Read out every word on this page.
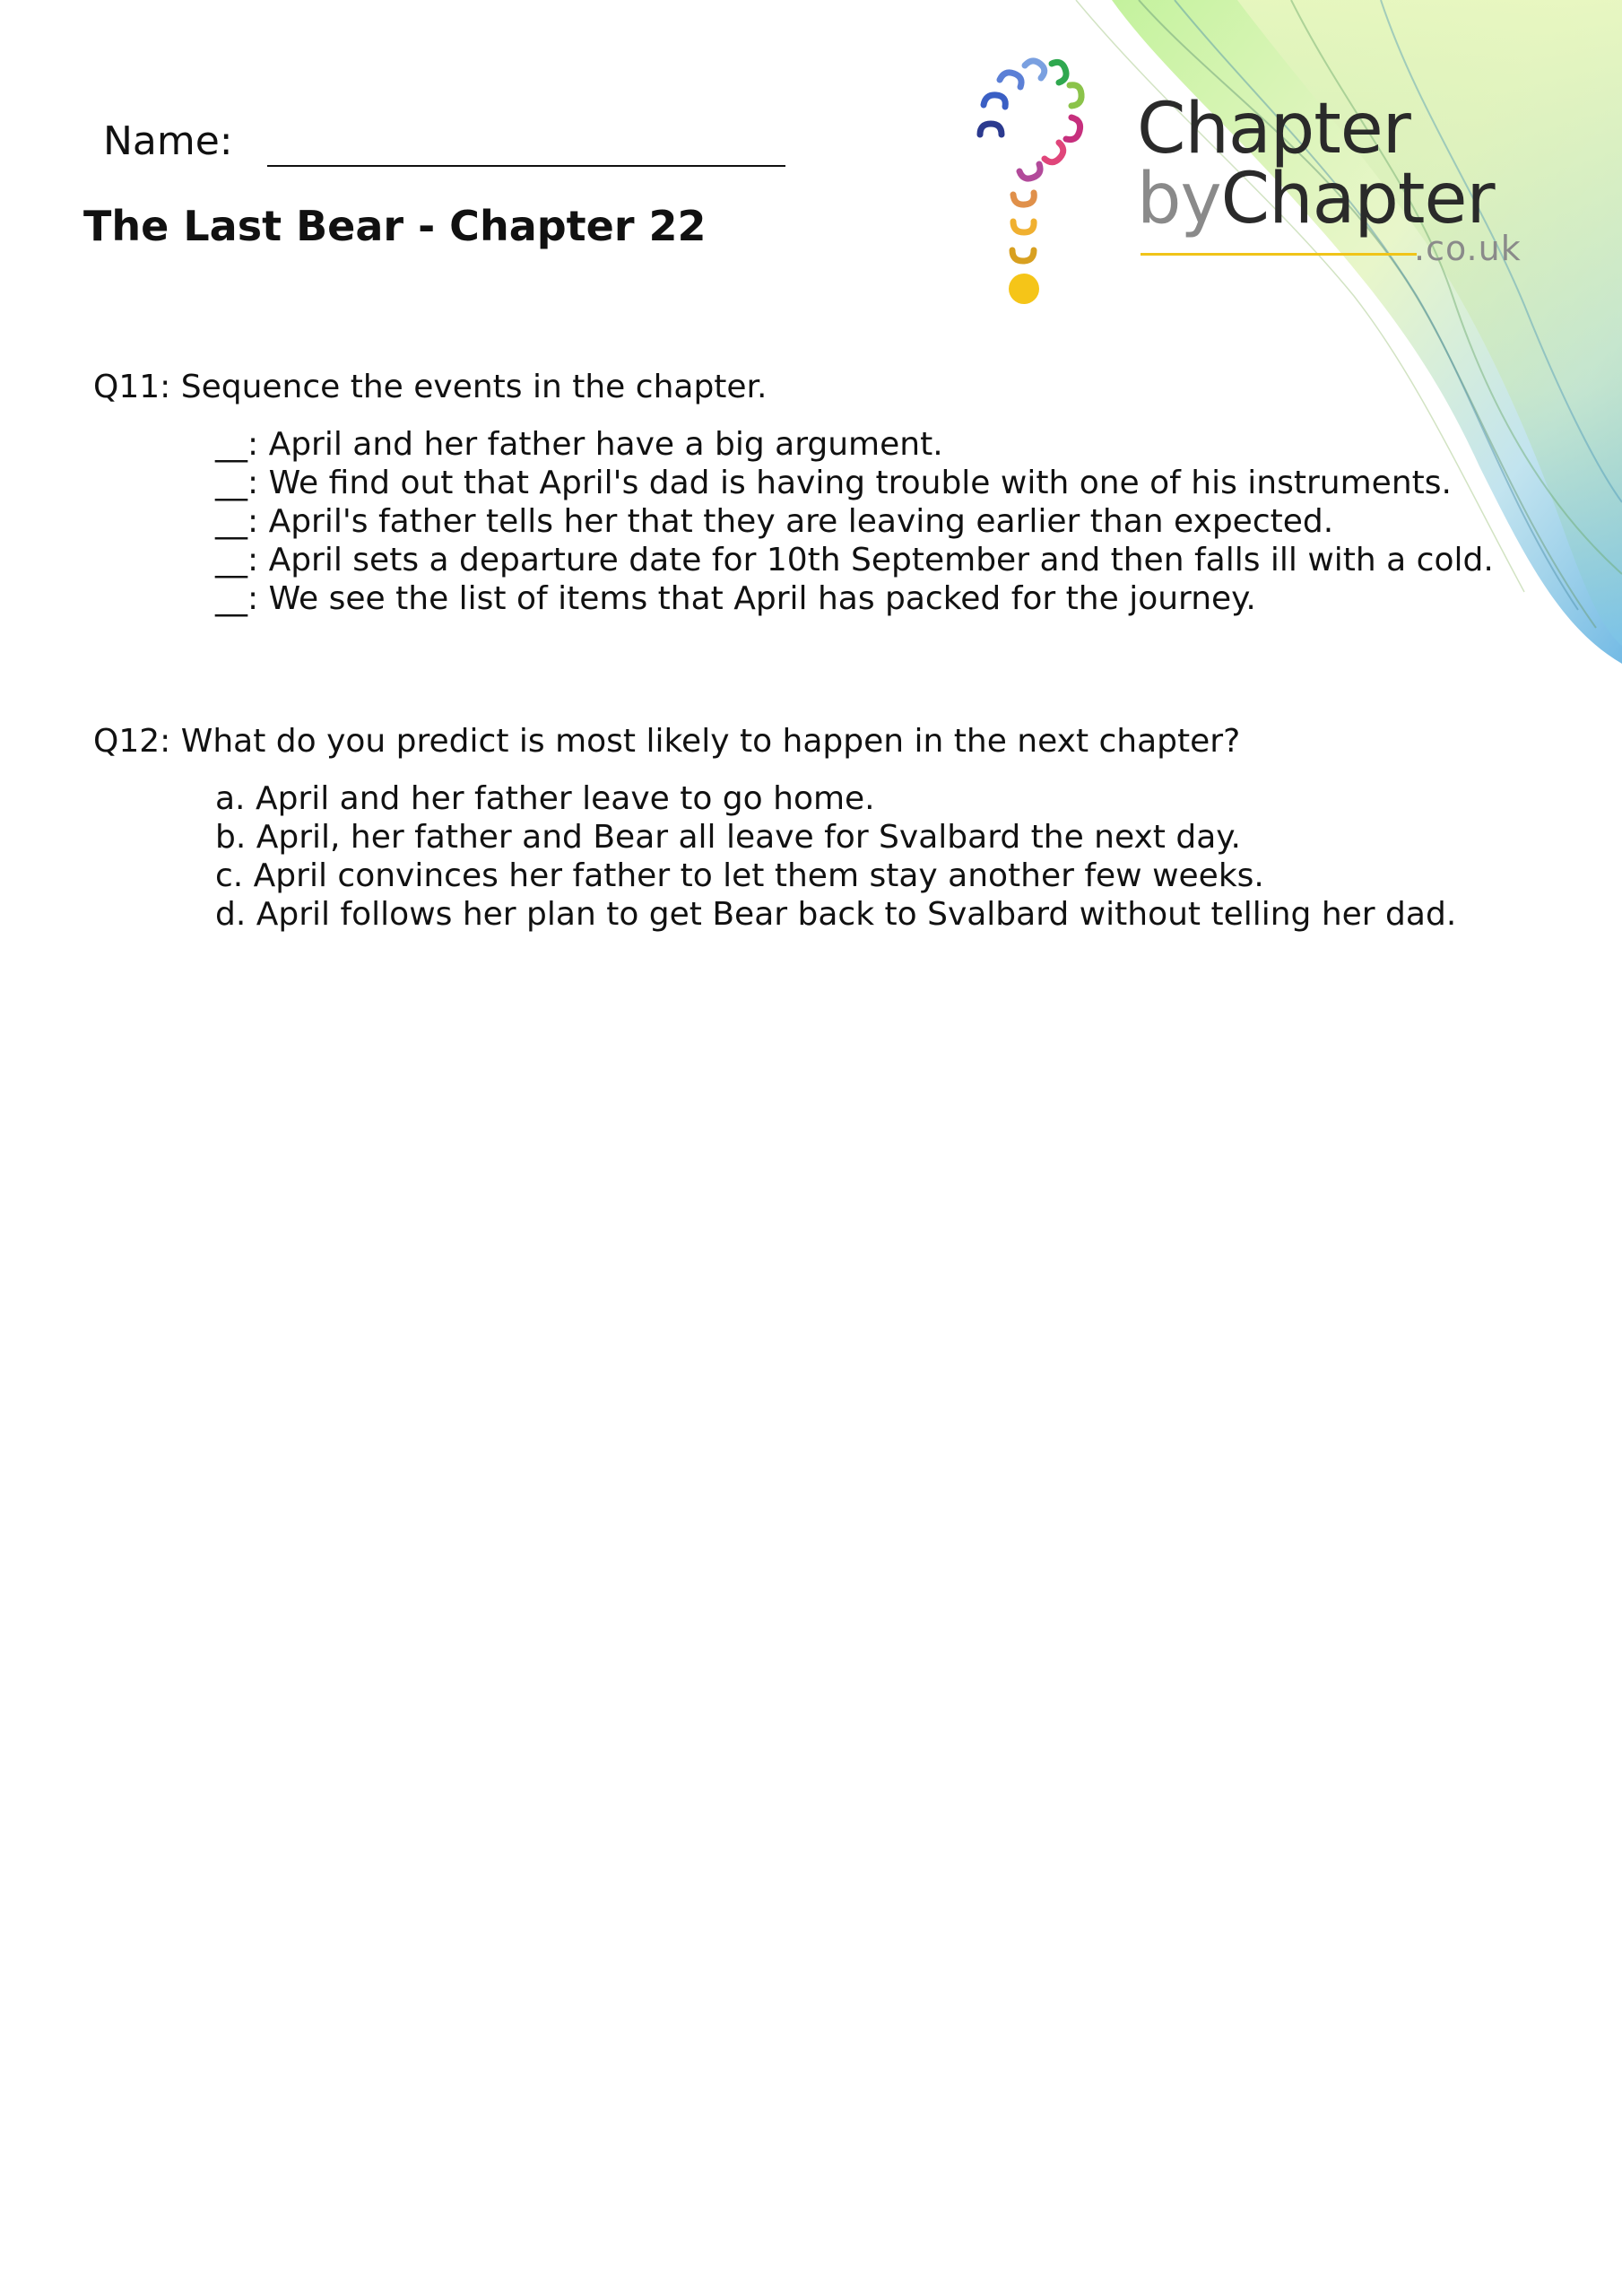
Name:
The Last Bear - Chapter 22
Chapter
byChapter
.co.uk

Q11: Sequence the events in the chapter.

__: April and her father have a big argument.
__: We find out that April's dad is having trouble with one of his instruments.
__: April's father tells her that they are leaving earlier than expected.
__: April sets a departure date for 10th September and then falls ill with a cold.
__: We see the list of items that April has packed for the journey.

Q12: What do you predict is most likely to happen in the next chapter?

a. April and her father leave to go home.
b. April, her father and Bear all leave for Svalbard the next day.
c. April convinces her father to let them stay another few weeks.
d. April follows her plan to get Bear back to Svalbard without telling her dad.
